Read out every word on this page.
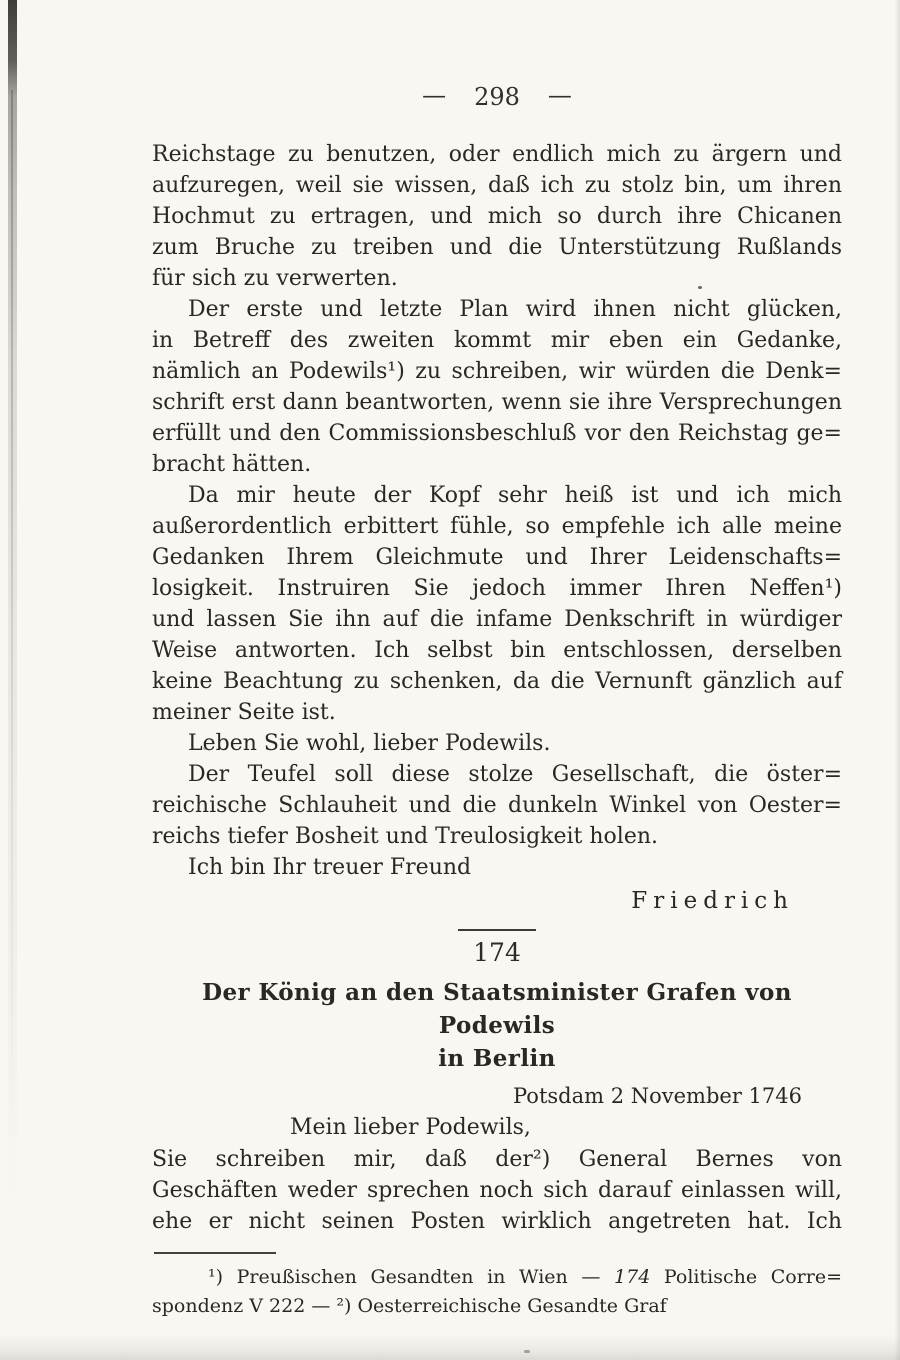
— 298 —
Reichstage zu benutzen, oder endlich mich zu ärgern und
aufzuregen, weil sie wissen, daß ich zu stolz bin, um ihren
Hochmut zu ertragen, und mich so durch ihre Chicanen
zum Bruche zu treiben und die Unterstützung Rußlands
für sich zu verwerten.
Der erste und letzte Plan wird ihnen nicht glücken,
in Betreff des zweiten kommt mir eben ein Gedanke,
nämlich an Podewils¹) zu schreiben, wir würden die Denk=
schrift erst dann beantworten, wenn sie ihre Versprechungen
erfüllt und den Commissionsbeschluß vor den Reichstag ge=
bracht hätten.
Da mir heute der Kopf sehr heiß ist und ich mich
außerordentlich erbittert fühle, so empfehle ich alle meine
Gedanken Ihrem Gleichmute und Ihrer Leidenschafts=
losigkeit. Instruiren Sie jedoch immer Ihren Neffen¹)
und lassen Sie ihn auf die infame Denkschrift in würdiger
Weise antworten. Ich selbst bin entschlossen, derselben
keine Beachtung zu schenken, da die Vernunft gänzlich auf
meiner Seite ist.
Leben Sie wohl, lieber Podewils.
Der Teufel soll diese stolze Gesellschaft, die öster=
reichische Schlauheit und die dunkeln Winkel von Oester=
reichs tiefer Bosheit und Treulosigkeit holen.
Ich bin Ihr treuer Freund
Friedrich
174
Der König an den Staatsminister Grafen von Podewils
in Berlin
Potsdam 2 November 1746
Mein lieber Podewils,
Sie schreiben mir, daß der²) General Bernes von
Geschäften weder sprechen noch sich darauf einlassen will,
ehe er nicht seinen Posten wirklich angetreten hat. Ich
¹) Preußischen Gesandten in Wien — 174 Politische Corre=
spondenz V 222 — ²) Oesterreichische Gesandte Graf
